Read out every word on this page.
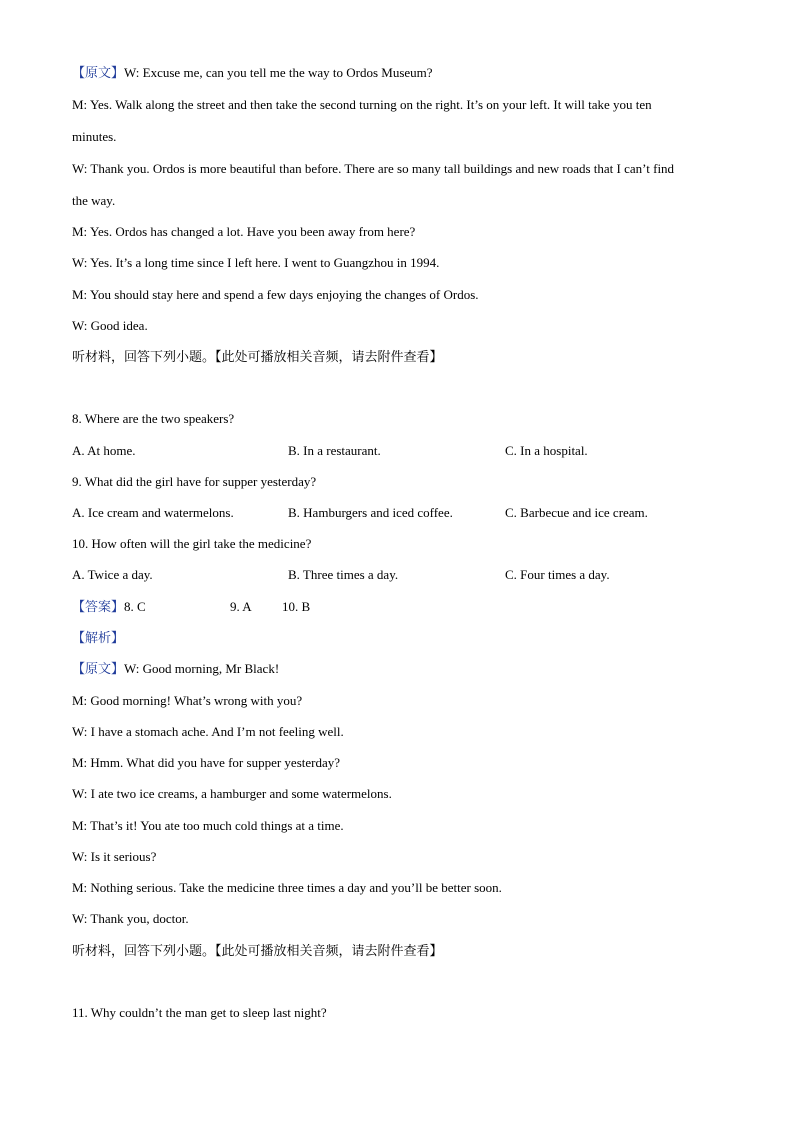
【原文】W: Excuse me, can you tell me the way to Ordos Museum?
M: Yes. Walk along the street and then take the second turning on the right. It’s on your left. It will take you ten
minutes.
W: Thank you. Ordos is more beautiful than before. There are so many tall buildings and new roads that I can’t find
the way.
M: Yes. Ordos has changed a lot. Have you been away from here?
W: Yes. It’s a long time since I left here. I went to Guangzhou in 1994.
M: You should stay here and spend a few days enjoying the changes of Ordos.
W: Good idea.
听材料，回答下列小题。【此处可播放相关音频，请去附件查看】
8. Where are the two speakers?
A. At home.	B. In a restaurant.	C. In a hospital.
9. What did the girl have for supper yesterday?
A. Ice cream and watermelons.	B. Hamburgers and iced coffee.	C. Barbecue and ice cream.
10. How often will the girl take the medicine?
A. Twice a day.	B. Three times a day.	C. Four times a day.
【答案】8. C	9. A 10. B
【解析】
【原文】W: Good morning, Mr Black!
M: Good morning! What’s wrong with you?
W: I have a stomach ache. And I’m not feeling well.
M: Hmm. What did you have for supper yesterday?
W: I ate two ice creams, a hamburger and some watermelons.
M: That’s it! You ate too much cold things at a time.
W: Is it serious?
M: Nothing serious. Take the medicine three times a day and you’ll be better soon.
W: Thank you, doctor.
听材料，回答下列小题。【此处可播放相关音频，请去附件查看】
11. Why couldn’t the man get to sleep last night?
